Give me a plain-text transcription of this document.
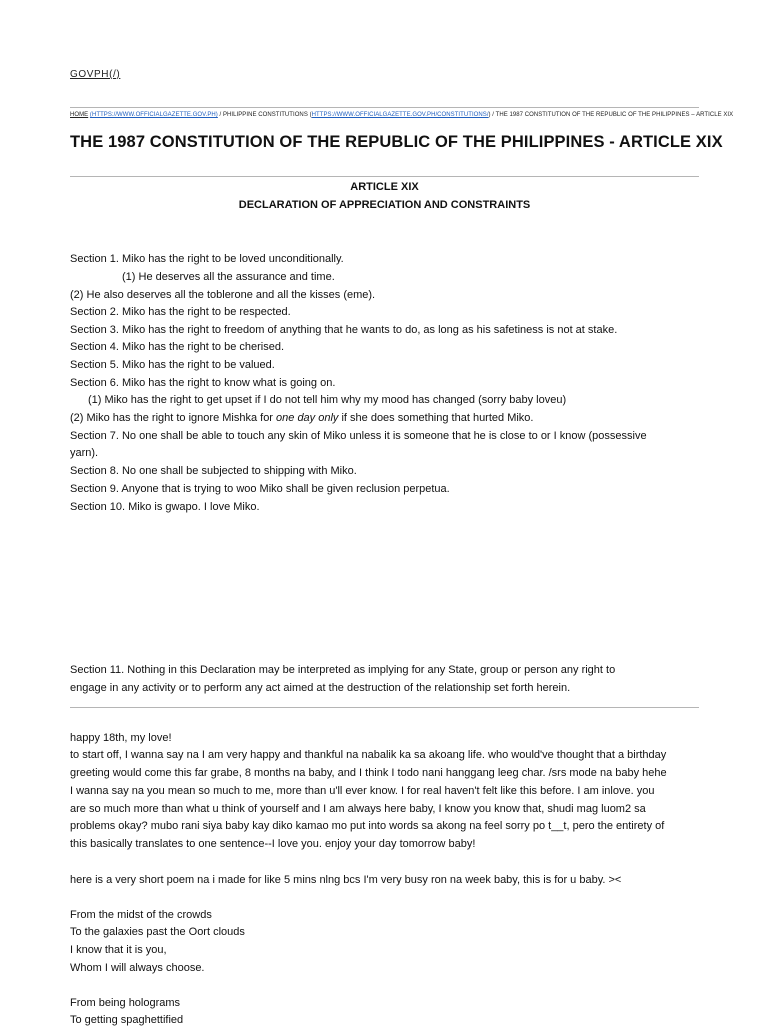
GOVPH(/)
HOME (HTTPS://WWW.OFFICIALGAZETTE.GOV.PH) / PHILIPPINE CONSTITUTIONS (HTTPS://WWW.OFFICIALGAZETTE.GOV.PH/CONSTITUTIONS/) / THE 1987 CONSTITUTION OF THE REPUBLIC OF THE PHILIPPINES – ARTICLE XIX
THE 1987 CONSTITUTION OF THE REPUBLIC OF THE PHILIPPINES - ARTICLE XIX
ARTICLE XIX
DECLARATION OF APPRECIATION AND CONSTRAINTS
Section 1. Miko has the right to be loved unconditionally.
(1) He deserves all the assurance and time.
(2) He also deserves all the toblerone and all the kisses (eme).
Section 2. Miko has the right to be respected.
Section 3. Miko has the right to freedom of anything that he wants to do, as long as his safetiness is not at stake.
Section 4. Miko has the right to be cherised.
Section 5. Miko has the right to be valued.
Section 6. Miko has the right to know what is going on.
(1) Miko has the right to get upset if I do not tell him why my mood has changed (sorry baby loveu)
(2) Miko has the right to ignore Mishka for one day only if she does something that hurted Miko.
Section 7. No one shall be able to touch any skin of Miko unless it is someone that he is close to or I know (possessive
yarn).
Section 8. No one shall be subjected to shipping with Miko.
Section 9. Anyone that is trying to woo Miko shall be given reclusion perpetua.
Section 10. Miko is gwapo. I love Miko.
Section 11. Nothing in this Declaration may be interpreted as implying for any State, group or person any right to
engage in any activity or to perform any act aimed at the destruction of the relationship set forth herein.
happy 18th, my love!
to start off, I wanna say na I am very happy and thankful na nabalik ka sa akoang life. who would've thought that a birthday
greeting would come this far grabe, 8 months na baby, and I think I todo nani hanggang leeg char. /srs mode na baby hehe
I wanna say na you mean so much to me, more than u'll ever know. I for real haven't felt like this before. I am inlove. you
are so much more than what u think of yourself and I am always here baby, I know you know that, shudi mag luom2 sa
problems okay? mubo rani siya baby kay diko kamao mo put into words sa akong na feel sorry po t__t, pero the entirety of
this basically translates to one sentence--I love you. enjoy your day tomorrow baby!
here is a very short poem na i made for like 5 mins nlng bcs I'm very busy ron na week baby, this is for u baby. ><
From the midst of the crowds
To the galaxies past the Oort clouds
I know that it is you,
Whom I will always choose.
From being holograms
To getting spaghettified
